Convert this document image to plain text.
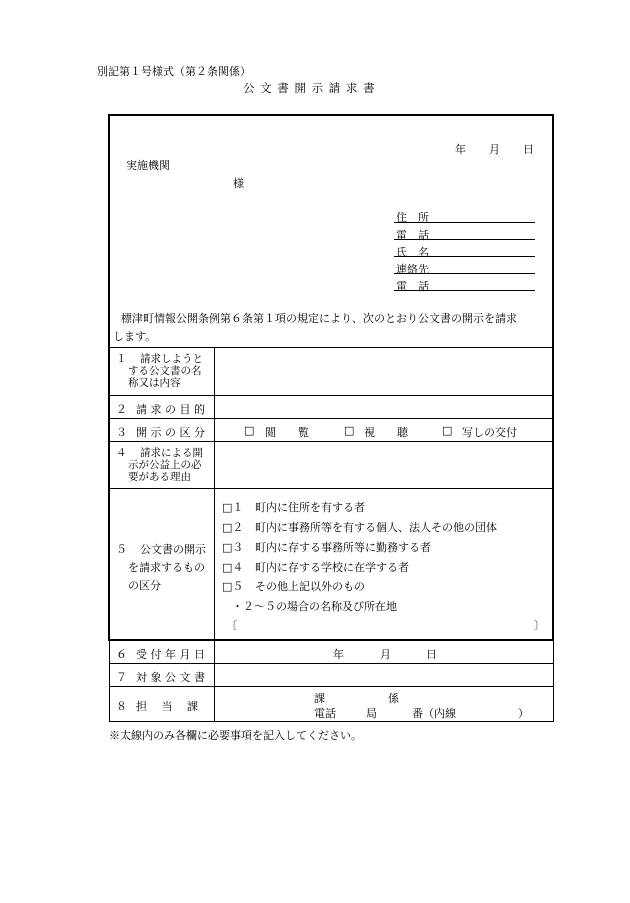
別記第１号様式（第２条関係）
公 文 書 開 示 請 求 書
年 月 日
実施機関
様
住　所
電　話
氏　名
連絡先
電　話
標津町情報公開条例第６条第１項の規定により、次のとおり公文書の開示を請求
します。
１ 請求しようと
する公文書の名
称又は内容
２ 請 求 の 目 的
３ 開 示 の 区 分	□ 閲　　覧	□ 視　　聴	□ 写しの交付
４ 請求による開
示が公益上の必
要がある理由
５ 公文書の開示
を請求するもの
の区分
□１ 町内に住所を有する者
□２ 町内に事務所等を有する個人、法人その他の団体
□３ 町内に存する事務所等に勤務する者
□４ 町内に存する学校に在学する者
□５ その他上記以外のもの
・２～５の場合の名称及び所在地
〔	〕
６ 受 付 年 月 日	年	月	日
７ 対 象 公 文 書
８ 担　 当 　課
課	係
電話	局	番（内線	）
※太線内のみ各欄に必要事項を記入してください。
